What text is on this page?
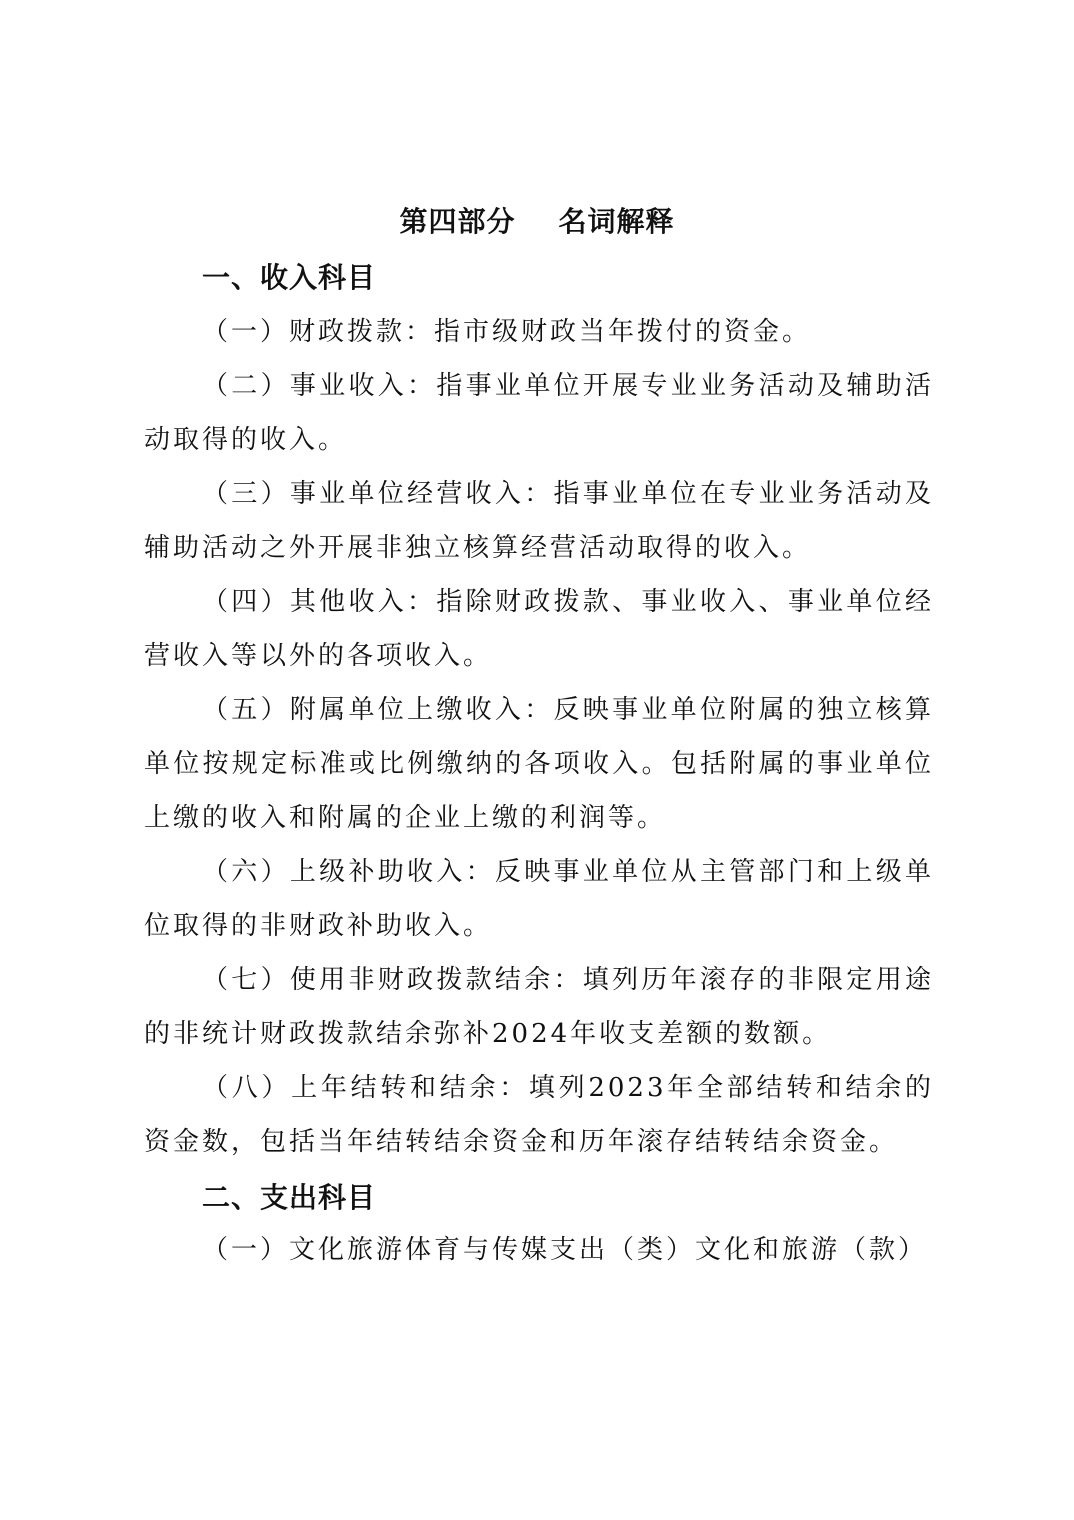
第四部分    名词解释
一、收入科目
（一）财政拨款：指市级财政当年拨付的资金。
（二）事业收入：指事业单位开展专业业务活动及辅助活动取得的收入。
（三）事业单位经营收入：指事业单位在专业业务活动及辅助活动之外开展非独立核算经营活动取得的收入。
（四）其他收入：指除财政拨款、事业收入、事业单位经营收入等以外的各项收入。
（五）附属单位上缴收入：反映事业单位附属的独立核算单位按规定标准或比例缴纳的各项收入。包括附属的事业单位上缴的收入和附属的企业上缴的利润等。
（六）上级补助收入：反映事业单位从主管部门和上级单位取得的非财政补助收入。
（七）使用非财政拨款结余：填列历年滚存的非限定用途的非统计财政拨款结余弥补2024年收支差额的数额。
（八）上年结转和结余：填列2023年全部结转和结余的资金数，包括当年结转结余资金和历年滚存结转结余资金。
二、支出科目
（一）文化旅游体育与传媒支出（类）文化和旅游（款）
